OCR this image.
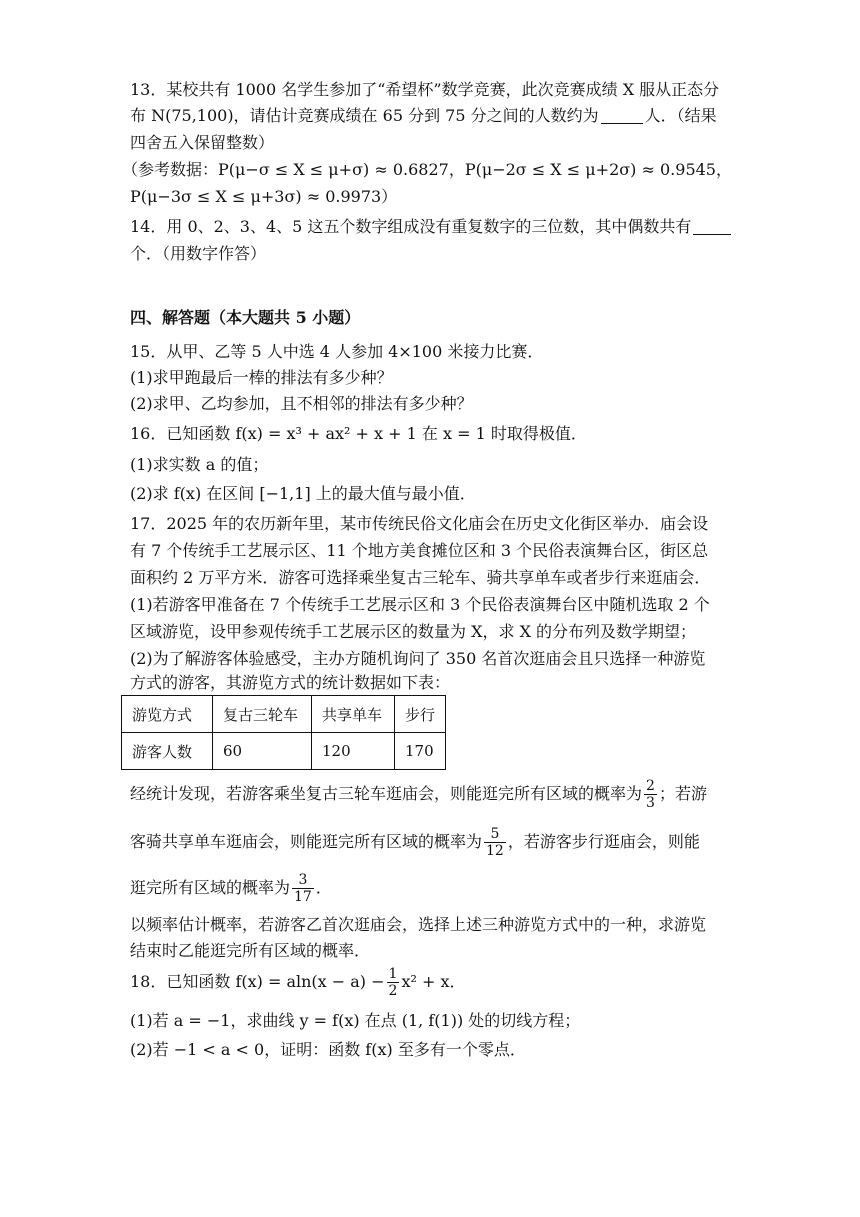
13．某校共有 1000 名学生参加了“希望杯”数学竞赛，此次竞赛成绩 X 服从正态分
布 N(75,100)，请估计竞赛成绩在 65 分到 75 分之间的人数约为	人．（结果
四舍五入保留整数）
（参考数据：P(μ−σ ≤ X ≤ μ+σ) ≈ 0.6827，P(μ−2σ ≤ X ≤ μ+2σ) ≈ 0.9545，
P(μ−3σ ≤ X ≤ μ+3σ) ≈ 0.9973）
14．用 0、2、3、4、5 这五个数字组成没有重复数字的三位数，其中偶数共有
个．（用数字作答）
四、解答题（本大题共 5 小题）
15．从甲、乙等 5 人中选 4 人参加 4×100 米接力比赛．
(1)求甲跑最后一棒的排法有多少种？
(2)求甲、乙均参加，且不相邻的排法有多少种？
16．已知函数 f(x) = x³ + ax² + x + 1 在 x = 1 时取得极值．
(1)求实数 a 的值；
(2)求 f(x) 在区间 [−1,1] 上的最大值与最小值．
17．2025 年的农历新年里，某市传统民俗文化庙会在历史文化街区举办．庙会设
有 7 个传统手工艺展示区、11 个地方美食摊位区和 3 个民俗表演舞台区，街区总
面积约 2 万平方米．游客可选择乘坐复古三轮车、骑共享单车或者步行来逛庙会．
(1)若游客甲准备在 7 个传统手工艺展示区和 3 个民俗表演舞台区中随机选取 2 个
区域游览，设甲参观传统手工艺展示区的数量为 X，求 X 的分布列及数学期望；
(2)为了解游客体验感受，主办方随机询问了 350 名首次逛庙会且只选择一种游览
方式的游客，其游览方式的统计数据如下表：
游览方式	复古三轮车	共享单车	步行
游客人数	60	120	170
经统计发现，若游客乘坐复古三轮车逛庙会，则能逛完所有区域的概率为 $\frac{2}{3}$ ；若游
客骑共享单车逛庙会，则能逛完所有区域的概率为 $\frac{5}{12}$ ，若游客步行逛庙会，则能
逛完所有区域的概率为 $\frac{3}{17}$ ．
以频率估计概率，若游客乙首次逛庙会，选择上述三种游览方式中的一种，求游览
结束时乙能逛完所有区域的概率．
18．已知函数 $f(x) = aln(x - a) - \frac{1}{2} x^2 + x$．
(1)若 a = −1，求曲线 y = f(x) 在点 (1, f(1)) 处的切线方程；
(2)若 −1 < a < 0，证明：函数 f(x) 至多有一个零点．
